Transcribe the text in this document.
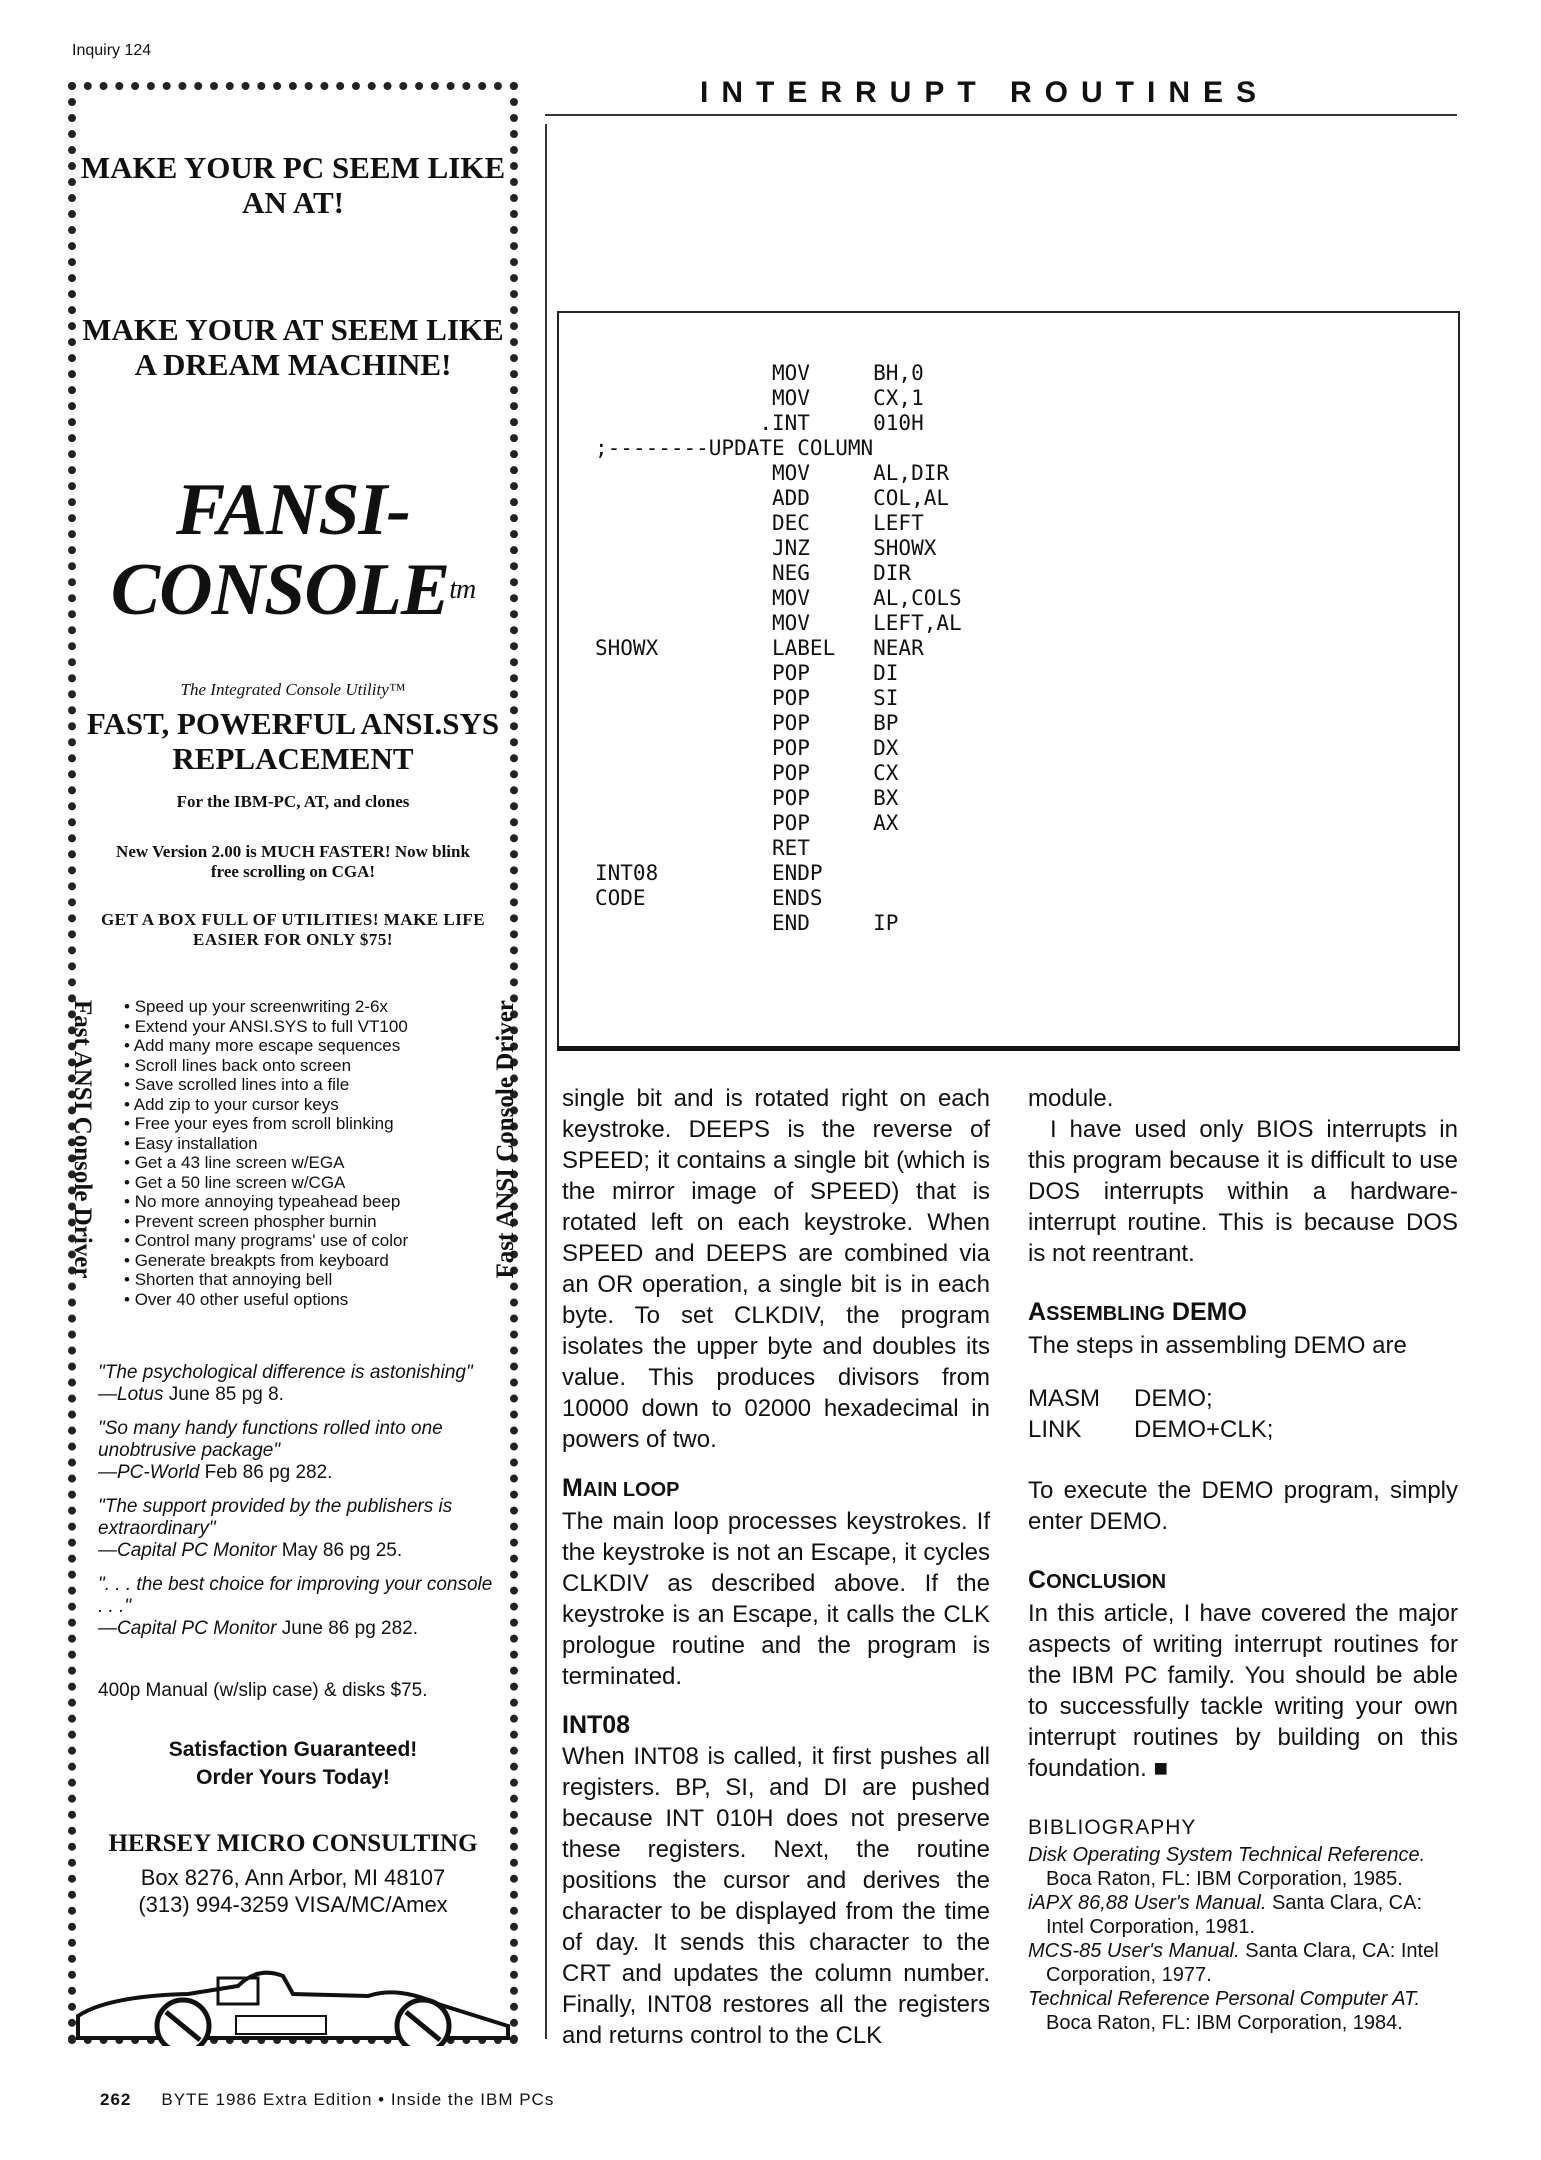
Inquiry 124
INTERRUPT ROUTINES
MAKE YOUR PC SEEM LIKE AN AT!
MAKE YOUR AT SEEM LIKE A DREAM MACHINE!
FANSI-
$CONSOLE^{tm}$
The Integrated Console Utility™
FAST, POWERFUL ANSI.SYS REPLACEMENT
For the IBM-PC, AT, and clones
New Version 2.00 is MUCH FASTER! Now blink free scrolling on CGA!
GET A BOX FULL OF UTILITIES! MAKE LIFE EASIER FOR ONLY $75!
Fast ANSI Console Driver	Fast ANSI Console Driver
• Speed up your screenwriting 2-6x
• Extend your ANSI.SYS to full VT100
• Add many more escape sequences
• Scroll lines back onto screen
• Save scrolled lines into a file
• Add zip to your cursor keys
• Free your eyes from scroll blinking
• Easy installation
• Get a 43 line screen w/EGA
• Get a 50 line screen w/CGA
• No more annoying typeahead beep
• Prevent screen phospher burnin
• Control many programs' use of color
• Generate breakpts from keyboard
• Shorten that annoying bell
• Over 40 other useful options
"The psychological difference is astonishing"
—Lotus June 85 pg 8.
"So many handy functions rolled into one unobtrusive package"
—PC-World Feb 86 pg 282.
"The support provided by the publishers is extraordinary"
—Capital PC Monitor May 86 pg 25.
". . . the best choice for improving your console . . ."
—Capital PC Monitor June 86 pg 282.
400p Manual (w/slip case) & disks $75.
Satisfaction Guaranteed!
Order Yours Today!
HERSEY MICRO CONSULTING
Box 8276, Ann Arbor, MI 48107
(313) 994-3259 VISA/MC/Amex
MOV     BH,0
MOV     CX,1
.INT     010H
;--------UPDATE COLUMN
MOV     AL,DIR
ADD     COL,AL
DEC     LEFT
JNZ     SHOWX
NEG     DIR
MOV     AL,COLS
MOV     LEFT,AL
SHOWX         LABEL   NEAR
POP     DI
POP     SI
POP     BP
POP     DX
POP     CX
POP     BX
POP     AX
RET
INT08         ENDP
CODE          ENDS
END     IP

single bit and is rotated right on each keystroke. DEEPS is the reverse of SPEED; it contains a single bit (which is the mirror image of SPEED) that is rotated left on each keystroke. When SPEED and DEEPS are combined via an OR operation, a single bit is in each byte. To set CLKDIV, the program isolates the upper byte and doubles its value. This produces divisors from 10000 down to 02000 hexadecimal in powers of two.

MAIN LOOP

The main loop processes keystrokes. If the keystroke is not an Escape, it cycles CLKDIV as described above. If the keystroke is an Escape, it calls the CLK prologue routine and the program is terminated.

INT08

When INT08 is called, it first pushes all registers. BP, SI, and DI are pushed because INT 010H does not preserve these registers. Next, the routine positions the cursor and derives the character to be displayed from the time of day. It sends this character to the CRT and updates the column number. Finally, INT08 restores all the registers and returns control to the CLK

module.

I have used only BIOS interrupts in this program because it is difficult to use DOS interrupts within a hardware-interrupt routine. This is because DOS is not reentrant.

ASSEMBLING DEMO

The steps in assembling DEMO are

MASM	DEMO;
LINK	DEMO+CLK;

To execute the DEMO program, simply enter DEMO.

CONCLUSION

In this article, I have covered the major aspects of writing interrupt routines for the IBM PC family. You should be able to successfully tackle writing your own interrupt routines by building on this foundation. ■

BIBLIOGRAPHY
Disk Operating System Technical Reference. Boca Raton, FL: IBM Corporation, 1985.
iAPX 86,88 User's Manual. Santa Clara, CA: Intel Corporation, 1981.
MCS-85 User's Manual. Santa Clara, CA: Intel Corporation, 1977.
Technical Reference Personal Computer AT. Boca Raton, FL: IBM Corporation, 1984.
262 BYTE 1986 Extra Edition • Inside the IBM PCs
